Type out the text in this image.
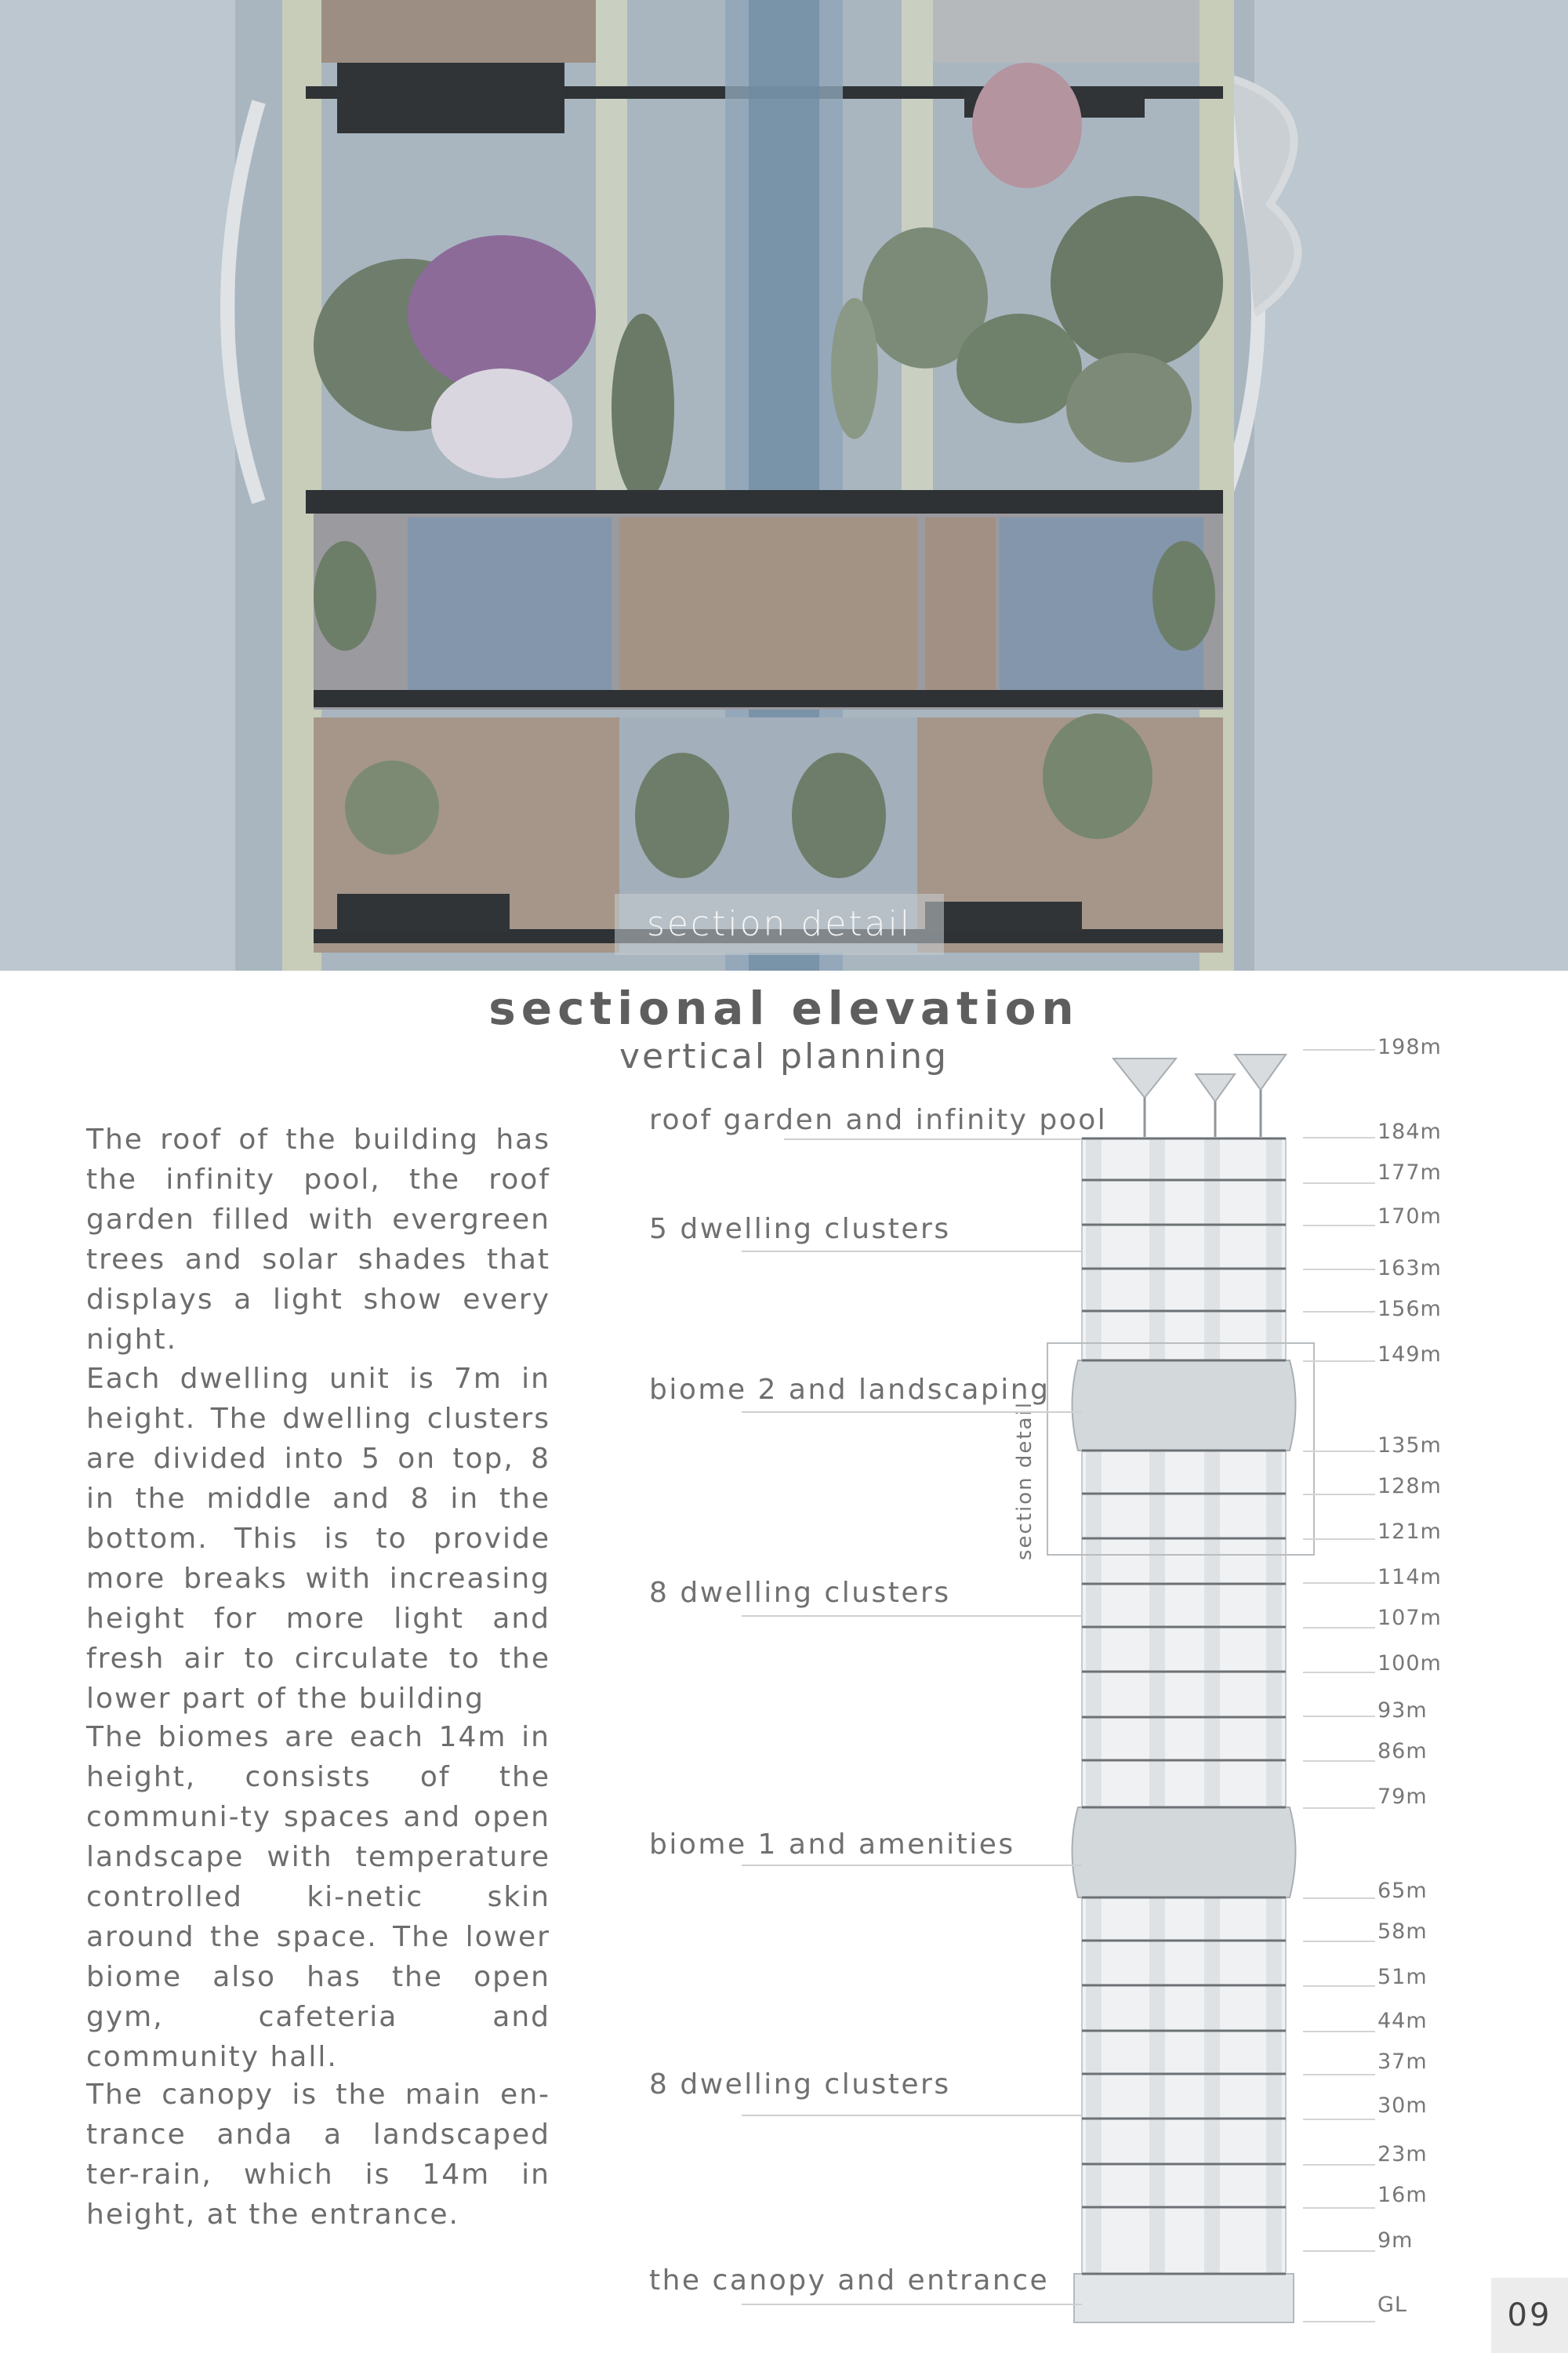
section detail
sectional elevation
vertical planning
The roof of the building has the infinity pool, the roof garden filled with evergreen trees and solar shades that displays a light show every night.
Each dwelling unit is 7m in height. The dwelling clusters are divided into 5 on top, 8 in the middle and 8 in the bottom. This is to provide more breaks with increasing height for more light and fresh air to circulate to the lower part of the building
The biomes are each 14m in height, consists of the communi-ty spaces and open landscape with temperature controlled ki-netic skin around the space. The lower biome also has the open gym, cafeteria and community hall.
The canopy is the main en-trance anda a landscaped ter-rain, which is 14m in height, at the entrance.
section detail
roof garden and infinity pool
5 dwelling clusters
biome 2 and landscaping
8 dwelling clusters
biome 1 and amenities
8 dwelling clusters
the canopy and entrance
198m
184m
177m
170m
163m
156m
149m
135m
128m
121m
114m
107m
100m
93m
86m
79m
65m
58m
51m
44m
37m
30m
23m
16m
9m
GL	09
